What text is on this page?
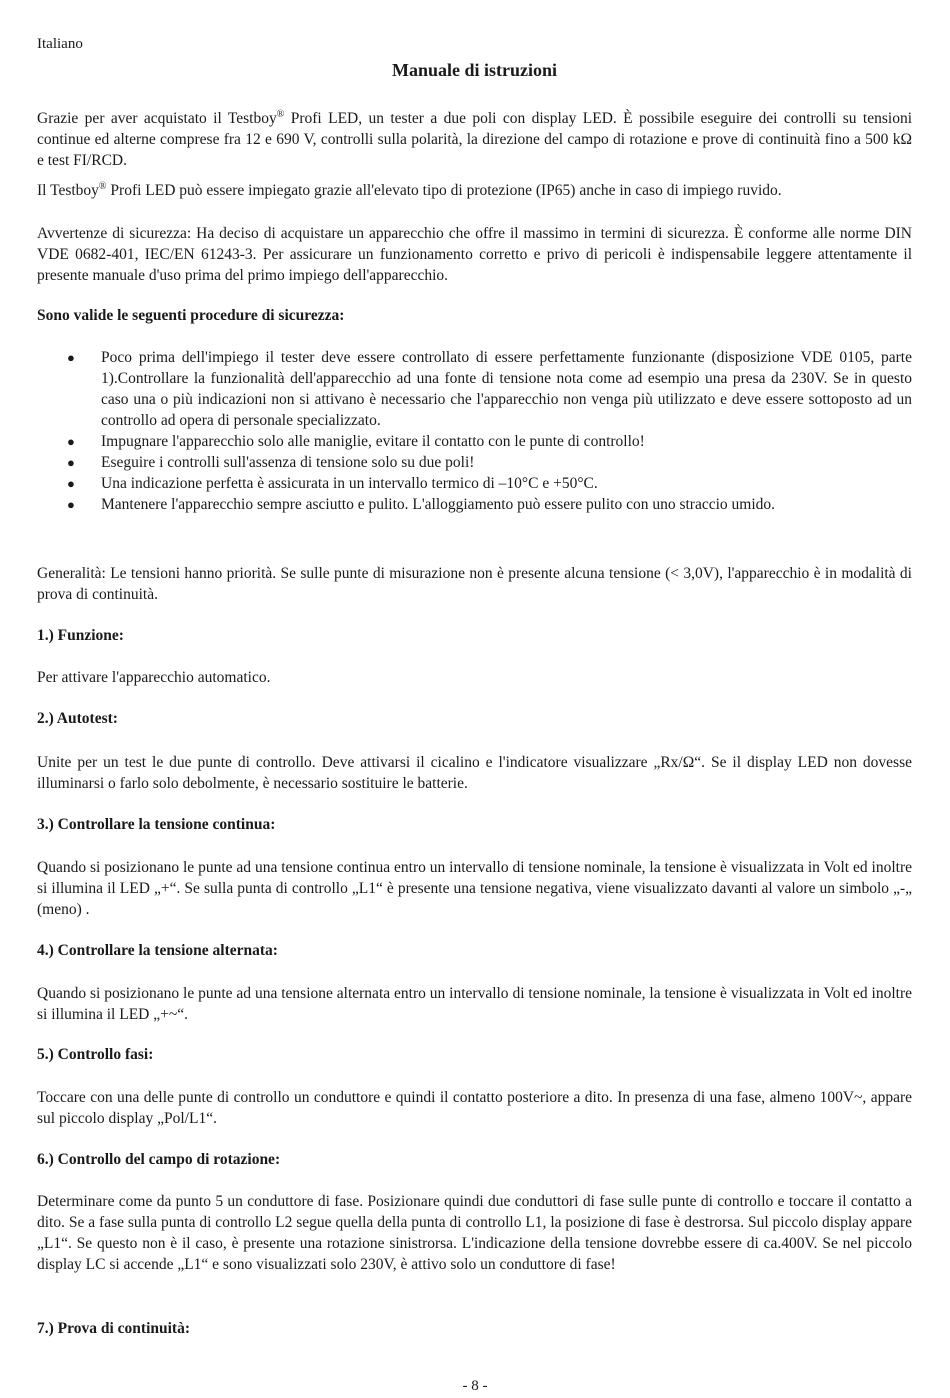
Italiano
Manuale di istruzioni
Grazie per aver acquistato il Testboy® Profi LED, un tester a due poli con display LED. È possibile eseguire dei controlli su tensioni continue ed alterne comprese fra 12 e 690 V, controlli sulla polarità, la direzione del campo di rotazione e prove di continuità fino a 500 kΩ e test FI/RCD.
Il Testboy® Profi LED può essere impiegato grazie all'elevato tipo di protezione (IP65) anche in caso di impiego ruvido.
Avvertenze di sicurezza: Ha deciso di acquistare un apparecchio che offre il massimo in termini di sicurezza. È conforme alle norme DIN VDE 0682-401, IEC/EN 61243-3. Per assicurare un funzionamento corretto e privo di pericoli è indispensabile leggere attentamente il presente manuale d'uso prima del primo impiego dell'apparecchio.
Sono valide le seguenti procedure di sicurezza:
● Poco prima dell'impiego il tester deve essere controllato di essere perfettamente funzionante (disposizione VDE 0105, parte 1).Controllare la funzionalità dell'apparecchio ad una fonte di tensione nota come ad esempio una presa da 230V. Se in questo caso una o più indicazioni non si attivano è necessario che l'apparecchio non venga più utilizzato e deve essere sottoposto ad un controllo ad opera di personale specializzato.
● Impugnare l'apparecchio solo alle maniglie, evitare il contatto con le punte di controllo!
● Eseguire i controlli sull'assenza di tensione solo su due poli!
● Una indicazione perfetta è assicurata in un intervallo termico di –10°C e +50°C.
● Mantenere l'apparecchio sempre asciutto e pulito. L'alloggiamento può essere pulito con uno straccio umido.
Generalità: Le tensioni hanno priorità. Se sulle punte di misurazione non è presente alcuna tensione (< 3,0V), l'apparecchio è in modalità di prova di continuità.
1.) Funzione:
Per attivare l'apparecchio automatico.
2.) Autotest:
Unite per un test le due punte di controllo. Deve attivarsi il cicalino e l'indicatore visualizzare „Rx/Ω“. Se il display LED non dovesse illuminarsi o farlo solo debolmente, è necessario sostituire le batterie.
3.) Controllare la tensione continua:
Quando si posizionano le punte ad una tensione continua entro un intervallo di tensione nominale, la tensione è visualizzata in Volt ed inoltre si illumina il LED „+“. Se sulla punta di controllo „L1“ è presente una tensione negativa, viene visualizzato davanti al valore un simbolo „-„ (meno) .
4.) Controllare la tensione alternata:
Quando si posizionano le punte ad una tensione alternata entro un intervallo di tensione nominale, la tensione è visualizzata in Volt ed inoltre si illumina il LED „+~“.
5.) Controllo fasi:
Toccare con una delle punte di controllo un conduttore e quindi il contatto posteriore a dito. In presenza di una fase, almeno 100V~, appare sul piccolo display „Pol/L1“.
6.) Controllo del campo di rotazione:
Determinare come da punto 5 un conduttore di fase. Posizionare quindi due conduttori di fase sulle punte di controllo e toccare il contatto a dito. Se a fase sulla punta di controllo L2 segue quella della punta di controllo L1, la posizione di fase è destrorsa. Sul piccolo display appare „L1“. Se questo non è il caso, è presente una rotazione sinistrorsa. L'indicazione della tensione dovrebbe essere di ca.400V. Se nel piccolo display LC si accende „L1“ e sono visualizzati solo 230V, è attivo solo un conduttore di fase!
7.) Prova di continuità:
- 8 -
